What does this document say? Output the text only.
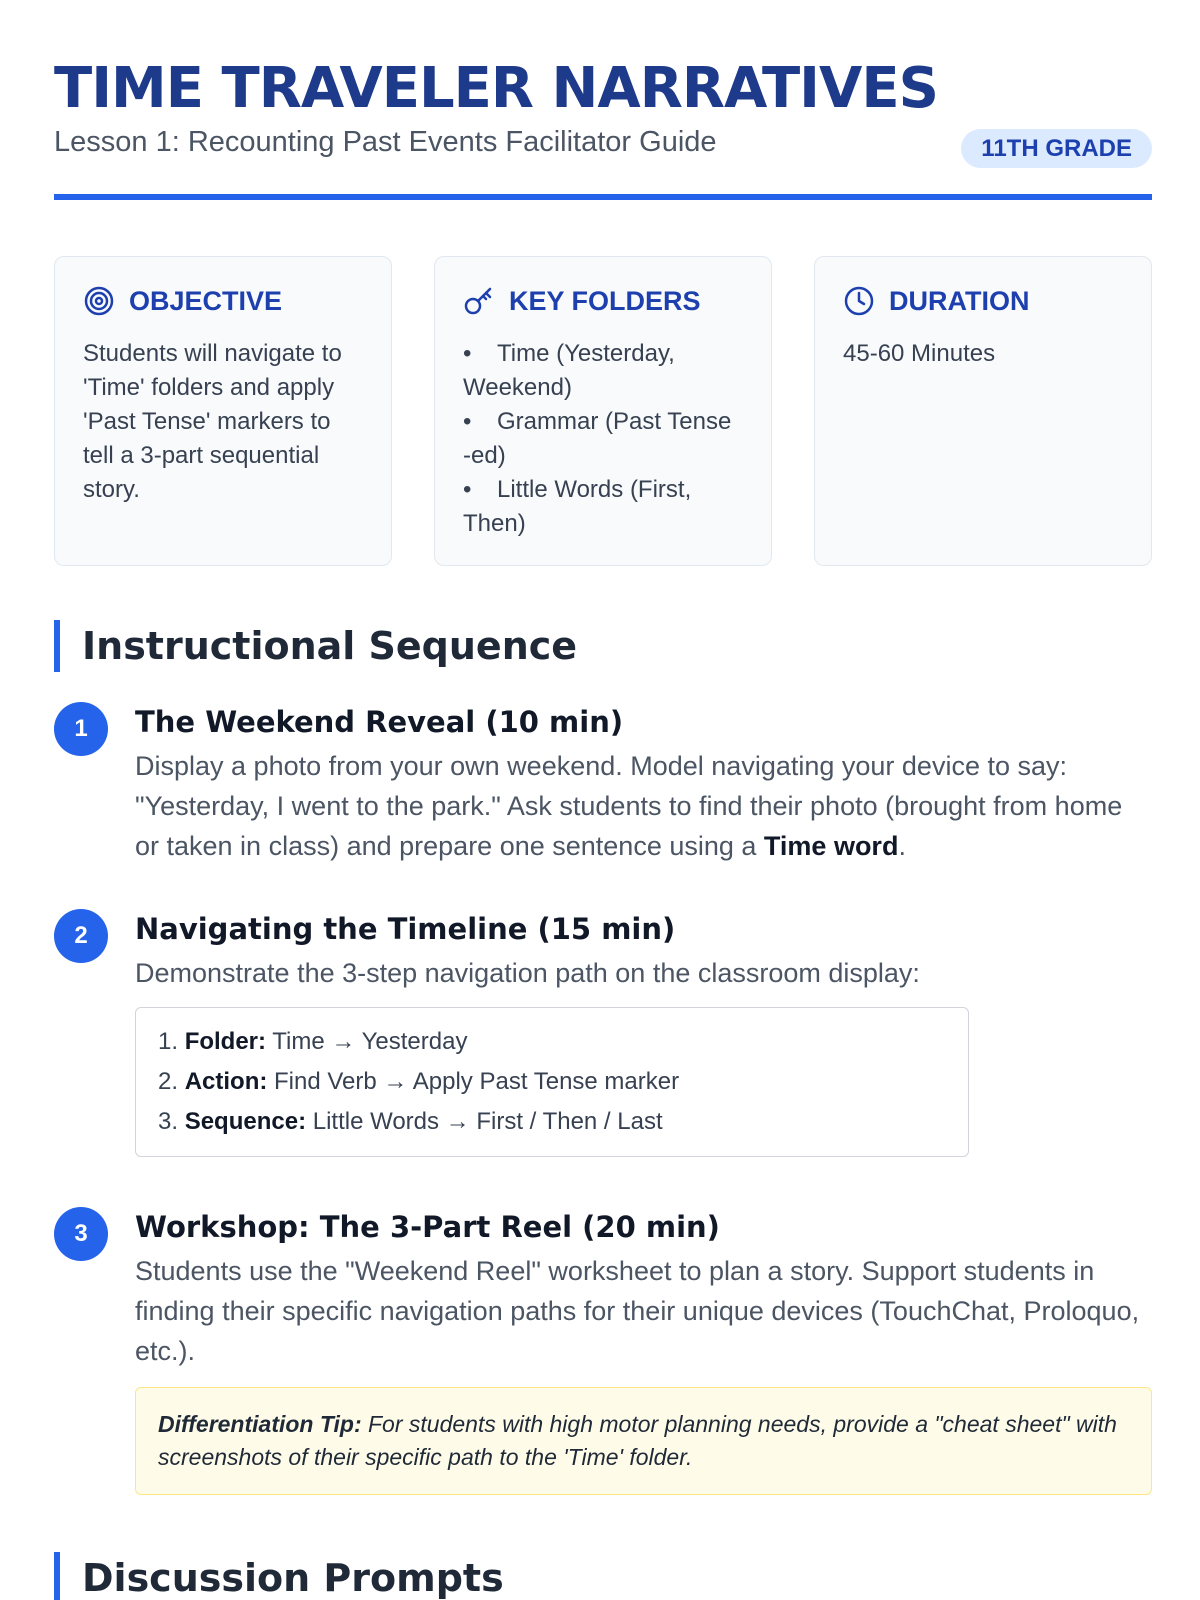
TIME TRAVELER NARRATIVES
Lesson 1: Recounting Past Events Facilitator Guide	11TH GRADE
OBJECTIVE

Students will navigate to 'Time' folders and apply 'Past Tense' markers to tell a 3-part sequential story.

KEY FOLDERS
• Time (Yesterday, Weekend)
• Grammar (Past Tense -ed)
• Little Words (First, Then)
DURATION

45-60 Minutes

Instructional Sequence
1	The Weekend Reveal (10 min)

Display a photo from your own weekend. Model navigating your device to say: "Yesterday, I went to the park." Ask students to find their photo (brought from home or taken in class) and prepare one sentence using a Time word.

2	Navigating the Timeline (15 min)

Demonstrate the 3-step navigation path on the classroom display:

1. Folder: Time → Yesterday
2. Action: Find Verb → Apply Past Tense marker
3. Sequence: Little Words → First / Then / Last
3	Workshop: The 3-Part Reel (20 min)

Students use the "Weekend Reel" worksheet to plan a story. Support students in finding their specific navigation paths for their unique devices (TouchChat, Proloquo, etc.).

Differentiation Tip: For students with high motor planning needs, provide a "cheat sheet" with screenshots of their specific path to the 'Time' folder.
Discussion Prompts
